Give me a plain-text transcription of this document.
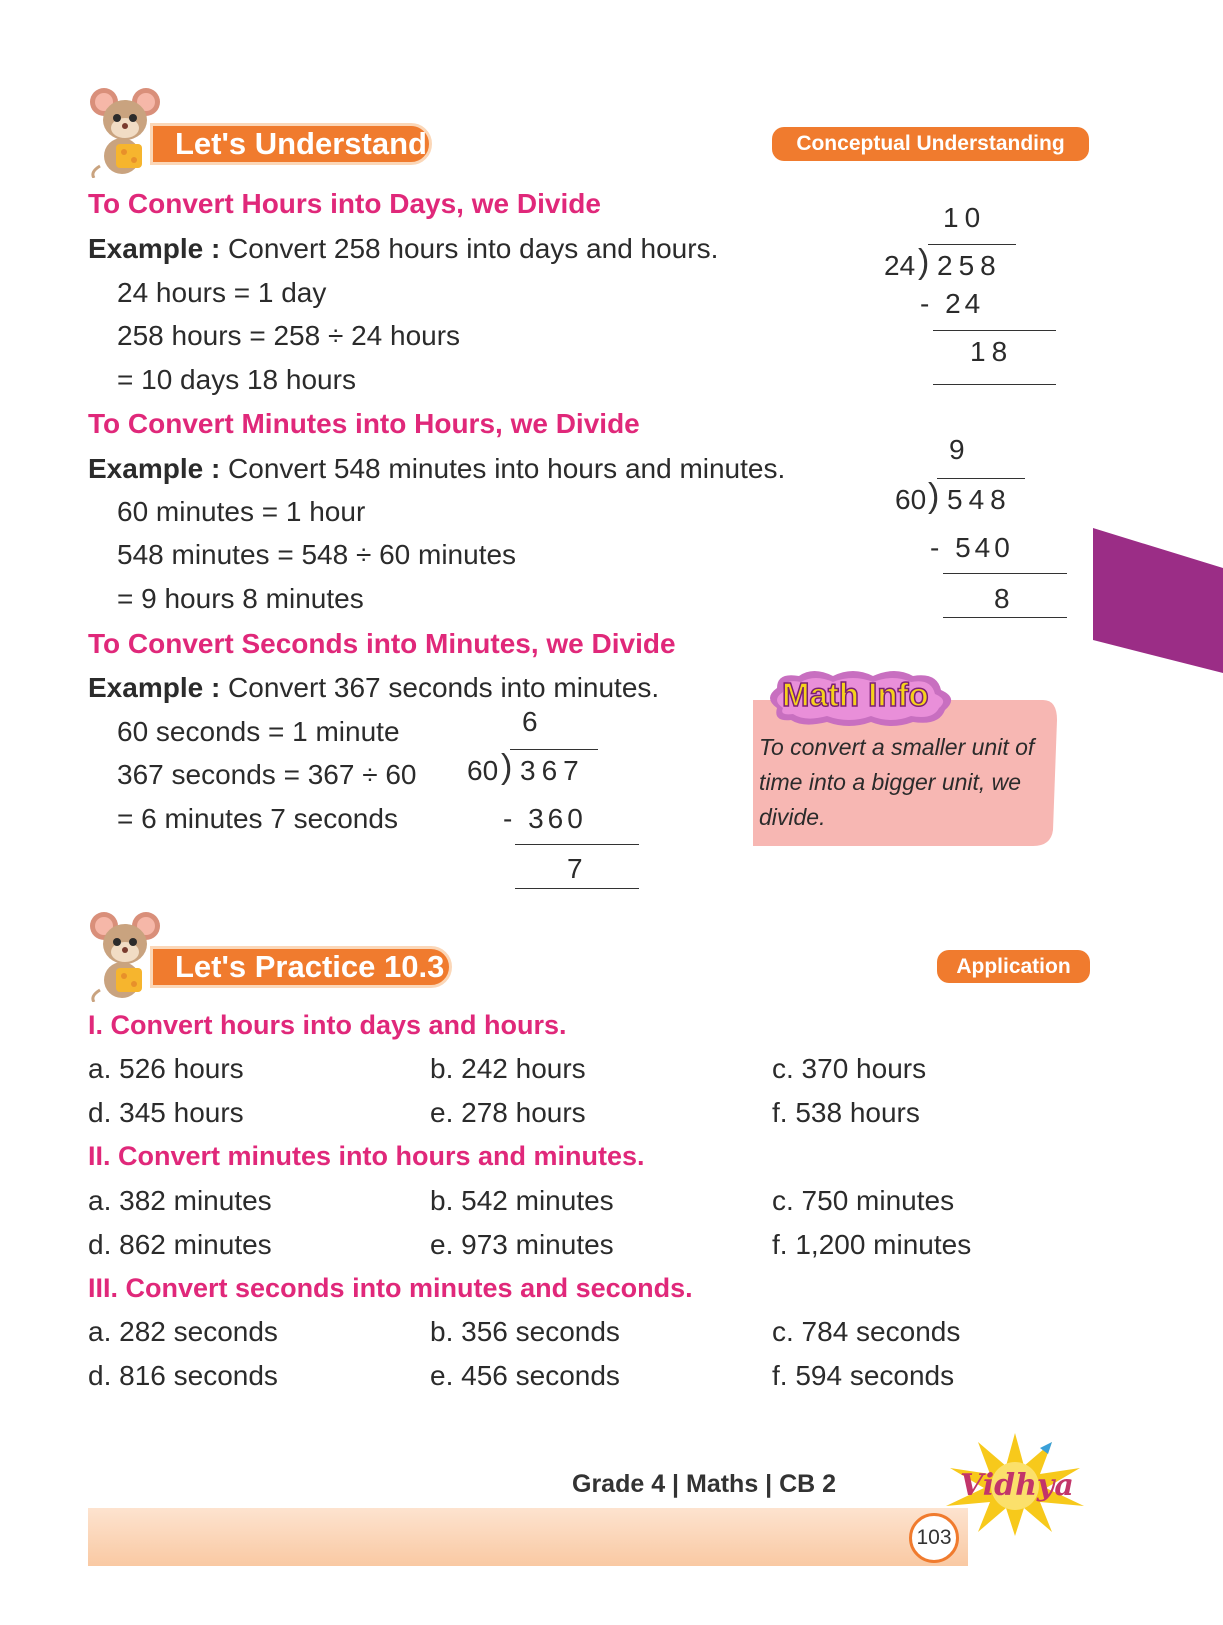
Let's Understand	Conceptual Understanding
To Convert Hours into Days, we Divide
Example : Convert 258 hours into days and hours.
24 hours = 1 day
258 hours = 258 ÷ 24 hours
= 10 days 18 hours
10
24 ) 258
- 24
18
To Convert Minutes into Hours, we Divide
Example : Convert 548 minutes into hours and minutes.
60 minutes = 1 hour
548 minutes = 548 ÷ 60 minutes
= 9 hours 8 minutes
9
60 ) 548
- 540
8
To Convert Seconds into Minutes, we Divide
Example : Convert 367 seconds into minutes.
60 seconds = 1 minute
367 seconds = 367 ÷ 60
= 6 minutes 7 seconds
6
60 ) 367
- 360
7
Math Info
To convert a smaller unit of time into a bigger unit, we divide.
Let's Practice 10.3	Application
I. Convert hours into days and hours.
a. 526 hours	b. 242 hours	c. 370 hours
d. 345 hours	e. 278 hours	f. 538 hours
II. Convert minutes into hours and minutes.
a. 382 minutes	b. 542 minutes	c. 750 minutes
d. 862 minutes	e. 973 minutes	f. 1,200 minutes
III. Convert seconds into minutes and seconds.
a. 282 seconds	b. 356 seconds	c. 784 seconds
d. 816 seconds	e. 456 seconds	f. 594 seconds
Grade 4 | Maths | CB 2
103
Vidhya
